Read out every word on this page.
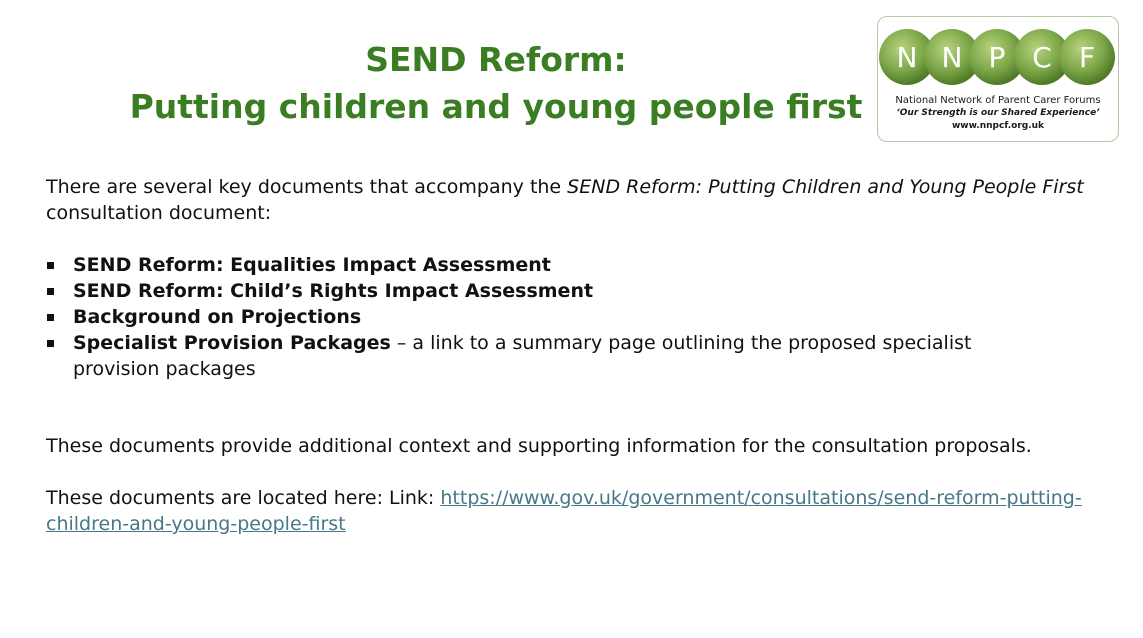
SEND Reform:
Putting children and young people first
N N P C F
National Network of Parent Carer Forums
‘Our Strength is our Shared Experience’
www.nnpcf.org.uk
There are several key documents that accompany the SEND Reform: Putting Children and Young People First
consultation document:
SEND Reform: Equalities Impact Assessment
SEND Reform: Child’s Rights Impact Assessment
Background on Projections
Specialist Provision Packages – a link to a summary page outlining the proposed specialist provision packages
These documents provide additional context and supporting information for the consultation proposals.
These documents are located here: Link: https://www.gov.uk/government/consultations/send-reform-putting-
children-and-young-people-first
